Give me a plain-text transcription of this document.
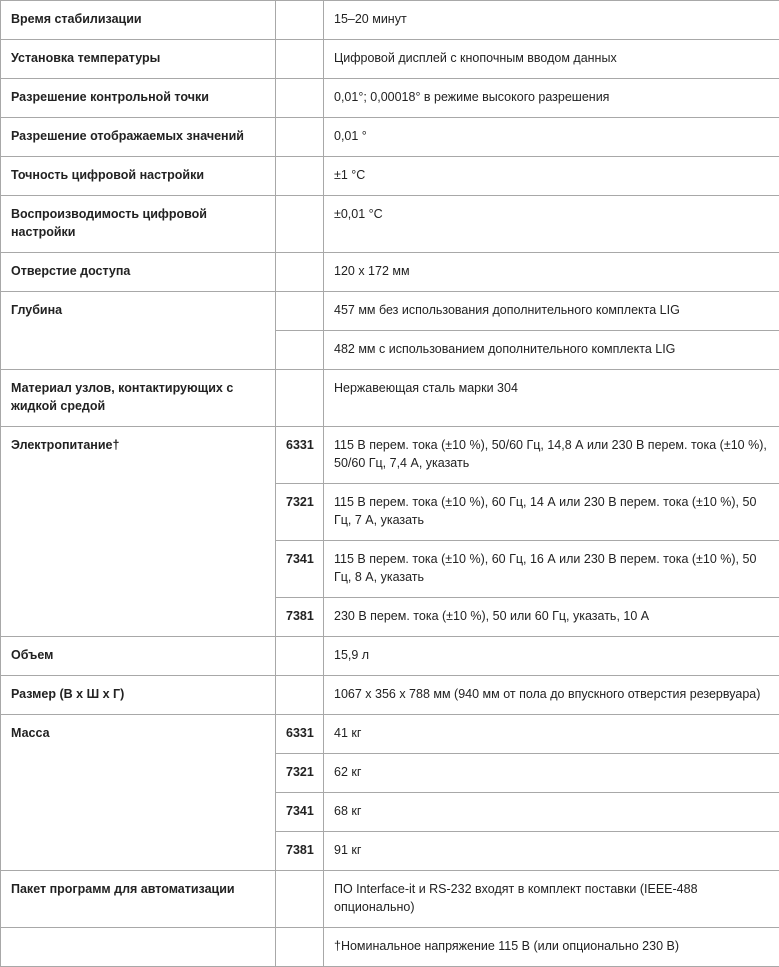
Время стабилизации		15–20 минут
Установка температуры		Цифровой дисплей с кнопочным вводом данных
Разрешение контрольной точки		0,01°; 0,00018° в режиме высокого разрешения
Разрешение отображаемых значений		0,01 °
Точность цифровой настройки		±1 °C
Воспроизводимость цифровой настройки		±0,01 °C
Отверстие доступа		120 x 172 мм
Глубина		457 мм без использования дополнительного комплекта LIG
		482 мм с использованием дополнительного комплекта LIG
Материал узлов, контактирующих с жидкой средой		Нержавеющая сталь марки 304
Электропитание†	6331	115 В перем. тока (±10 %), 50/60 Гц, 14,8 А или 230 В перем. тока (±10 %), 50/60 Гц, 7,4 А, указать
	7321	115 В перем. тока (±10 %), 60 Гц, 14 А или 230 В перем. тока (±10 %), 50 Гц, 7 А, указать
	7341	115 В перем. тока (±10 %), 60 Гц, 16 А или 230 В перем. тока (±10 %), 50 Гц, 8 А, указать
	7381	230 В перем. тока (±10 %), 50 или 60 Гц, указать, 10 А
Объем		15,9 л
Размер (В x Ш x Г)		1067 x 356 x 788 мм (940 мм от пола до впускного отверстия резервуара)
Масса	6331	41 кг
	7321	62 кг
	7341	68 кг
	7381	91 кг
Пакет программ для автоматизации		ПО Interface-it и RS-232 входят в комплект поставки (IEEE-488 опционально)
		†Номинальное напряжение 115 В (или опционально 230 В)
